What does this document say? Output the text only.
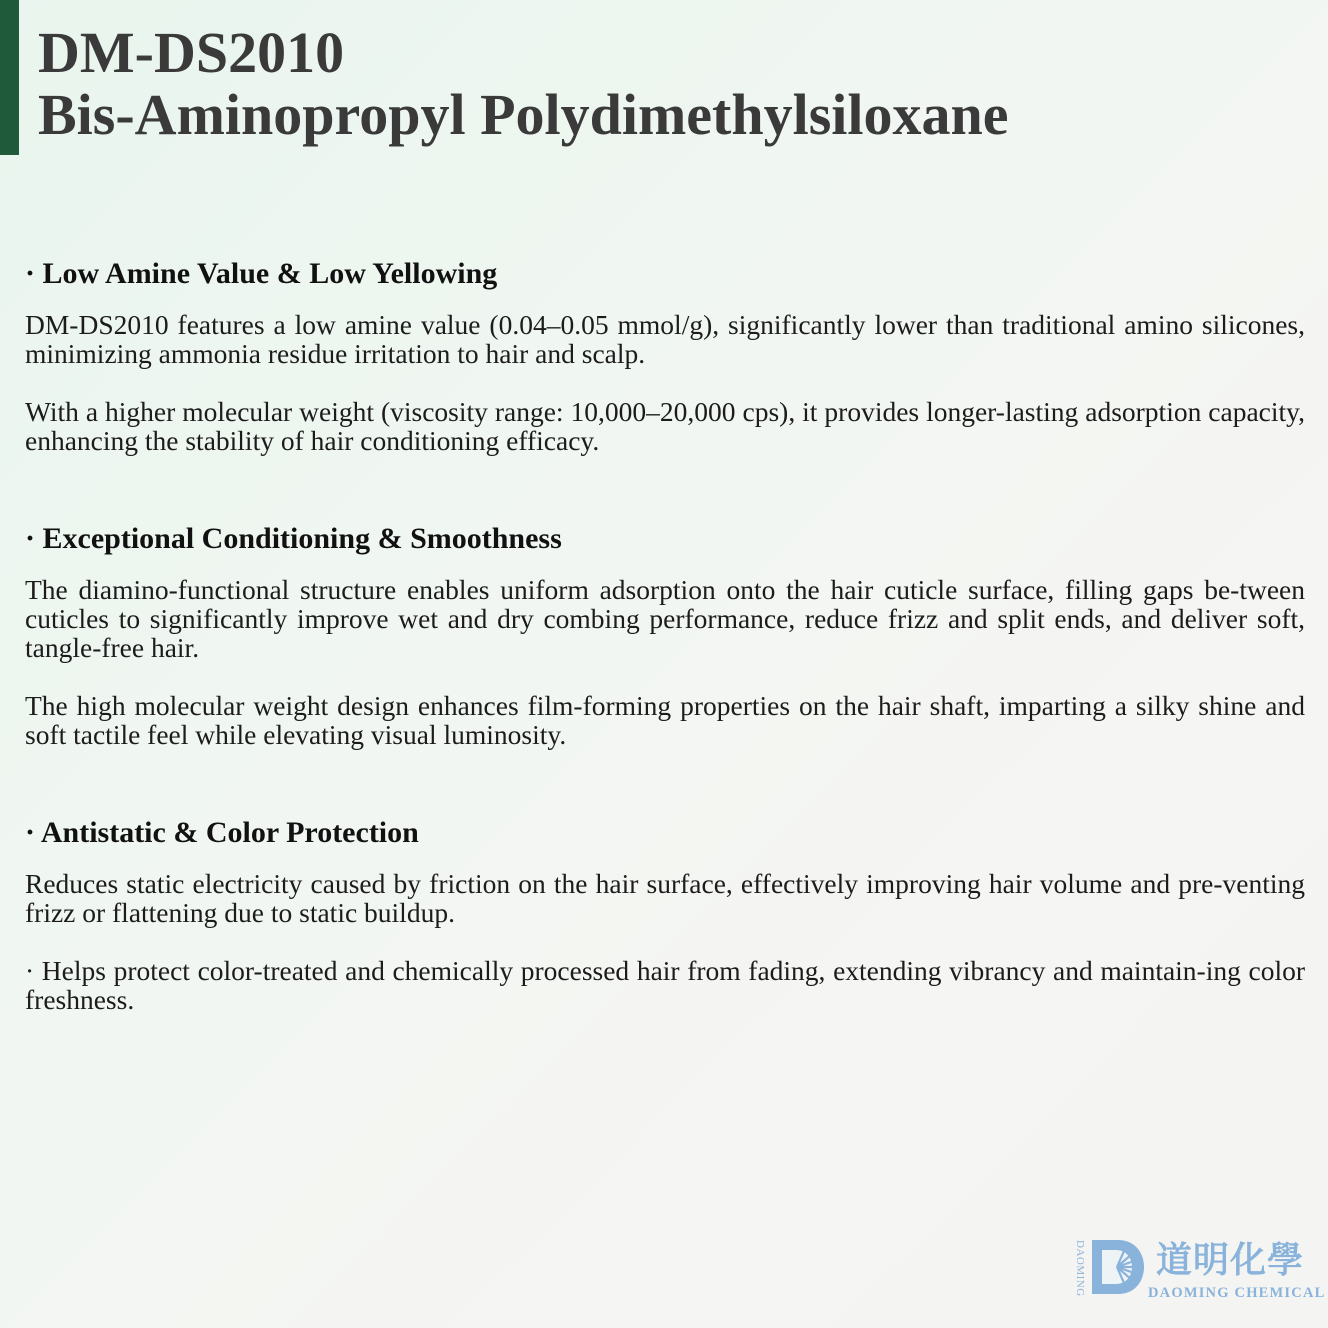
DM-DS2010
Bis-Aminopropyl Polydimethylsiloxane
· Low Amine Value & Low Yellowing

DM-DS2010 features a low amine value (0.04–0.05 mmol/g), significantly lower than traditional amino silicones, minimizing ammonia residue irritation to hair and scalp.

With a higher molecular weight (viscosity range: 10,000–20,000 cps), it provides longer-lasting adsorption capacity, enhancing the stability of hair conditioning efficacy.

· Exceptional Conditioning & Smoothness

The diamino-functional structure enables uniform adsorption onto the hair cuticle surface, filling gaps be-tween cuticles to significantly improve wet and dry combing performance, reduce frizz and split ends, and deliver soft, tangle-free hair.

The high molecular weight design enhances film-forming properties on the hair shaft, imparting a silky shine and soft tactile feel while elevating visual luminosity.

· Antistatic & Color Protection

Reduces static electricity caused by friction on the hair surface, effectively improving hair volume and pre-venting frizz or flattening due to static buildup.

· Helps protect color-treated and chemically processed hair from fading, extending vibrancy and maintain-ing color freshness.

DAOMING 道明化學
DAOMING CHEMICAL
